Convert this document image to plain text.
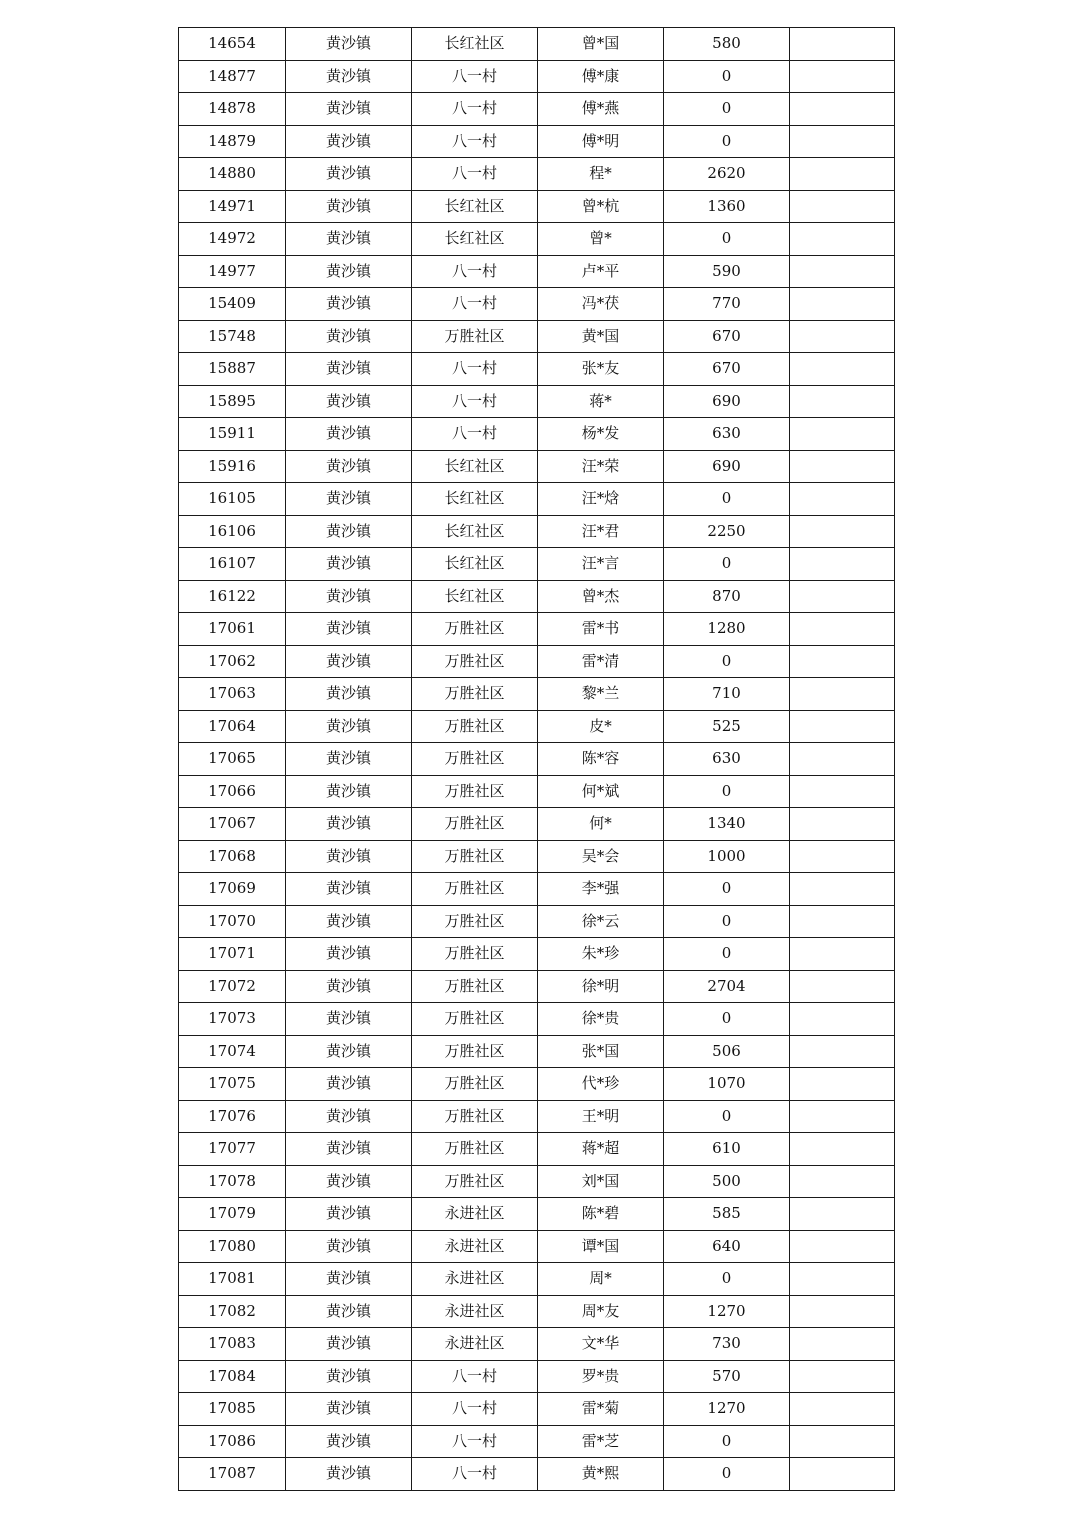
14654	黄沙镇	长红社区	曾*国	580	
14877	黄沙镇	八一村	傅*康	0	
14878	黄沙镇	八一村	傅*燕	0	
14879	黄沙镇	八一村	傅*明	0	
14880	黄沙镇	八一村	程*	2620	
14971	黄沙镇	长红社区	曾*杭	1360	
14972	黄沙镇	长红社区	曾*	0	
14977	黄沙镇	八一村	卢*平	590	
15409	黄沙镇	八一村	冯*茯	770	
15748	黄沙镇	万胜社区	黄*国	670	
15887	黄沙镇	八一村	张*友	670	
15895	黄沙镇	八一村	蒋*	690	
15911	黄沙镇	八一村	杨*发	630	
15916	黄沙镇	长红社区	汪*荣	690	
16105	黄沙镇	长红社区	汪*焓	0	
16106	黄沙镇	长红社区	汪*君	2250	
16107	黄沙镇	长红社区	汪*言	0	
16122	黄沙镇	长红社区	曾*杰	870	
17061	黄沙镇	万胜社区	雷*书	1280	
17062	黄沙镇	万胜社区	雷*清	0	
17063	黄沙镇	万胜社区	黎*兰	710	
17064	黄沙镇	万胜社区	皮*	525	
17065	黄沙镇	万胜社区	陈*容	630	
17066	黄沙镇	万胜社区	何*斌	0	
17067	黄沙镇	万胜社区	何*	1340	
17068	黄沙镇	万胜社区	吴*会	1000	
17069	黄沙镇	万胜社区	李*强	0	
17070	黄沙镇	万胜社区	徐*云	0	
17071	黄沙镇	万胜社区	朱*珍	0	
17072	黄沙镇	万胜社区	徐*明	2704	
17073	黄沙镇	万胜社区	徐*贵	0	
17074	黄沙镇	万胜社区	张*国	506	
17075	黄沙镇	万胜社区	代*珍	1070	
17076	黄沙镇	万胜社区	王*明	0	
17077	黄沙镇	万胜社区	蒋*超	610	
17078	黄沙镇	万胜社区	刘*国	500	
17079	黄沙镇	永进社区	陈*碧	585	
17080	黄沙镇	永进社区	谭*国	640	
17081	黄沙镇	永进社区	周*	0	
17082	黄沙镇	永进社区	周*友	1270	
17083	黄沙镇	永进社区	文*华	730	
17084	黄沙镇	八一村	罗*贵	570	
17085	黄沙镇	八一村	雷*菊	1270	
17086	黄沙镇	八一村	雷*芝	0	
17087	黄沙镇	八一村	黄*熙	0	
